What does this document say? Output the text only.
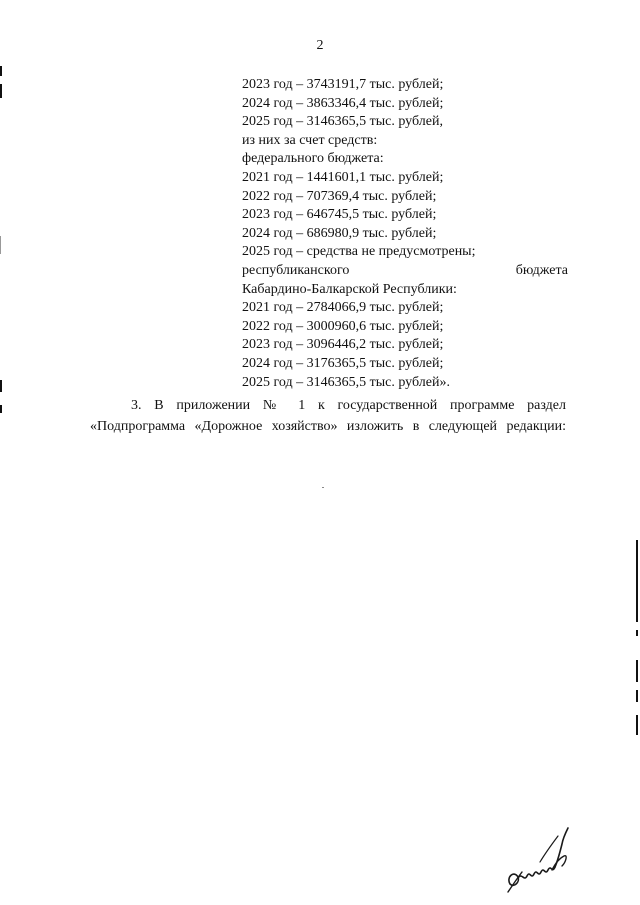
2
2023 год – 3743191,7 тыс. рублей;
2024 год – 3863346,4 тыс. рублей;
2025 год – 3146365,5 тыс. рублей,
из них за счет средств:
федерального бюджета:
2021 год – 1441601,1 тыс. рублей;
2022 год – 707369,4 тыс. рублей;
2023 год – 646745,5 тыс. рублей;
2024 год – 686980,9 тыс. рублей;
2025 год – средства не предусмотрены;
республиканского	бюджета
Кабардино-Балкарской Республики:
2021 год – 2784066,9 тыс. рублей;
2022 год – 3000960,6 тыс. рублей;
2023 год – 3096446,2 тыс. рублей;
2024 год – 3176365,5 тыс. рублей;
2025 год – 3146365,5 тыс. рублей».
3. В приложении № 1 к государственной программе раздел
«Подпрограмма «Дорожное хозяйство» изложить в следующей редакции:
